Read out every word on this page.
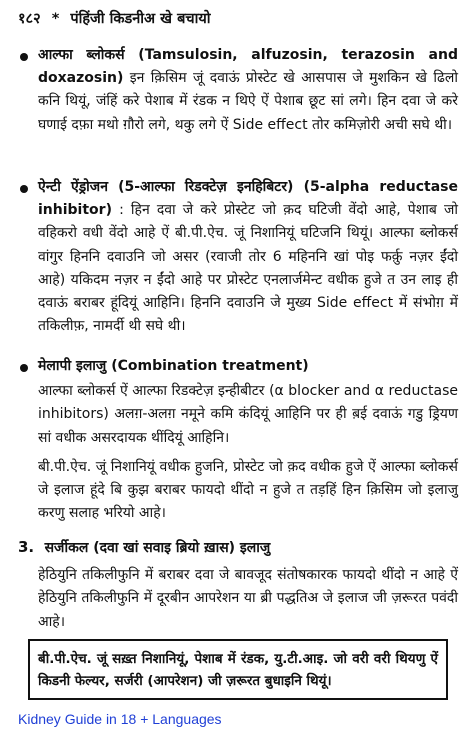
१८२ * पंहिंजी किडनीअ खे बचायो
आल्फा ब्लोकर्स (Tamsulosin, alfuzosin, terazosin and doxazosin) इन क़िसिम जूं दवाऊं प्रोस्टेट खे आसपास जे मुशकिन खे ढिलो कनि थियूं, जंहिं करे पेशाब में रंडक न थिऐ ऐं पेशाब छूट सां लगे। हिन दवा जे करे घणाई दफ़ा मथो ग़ौरो लगे, थकु लगे ऐं Side effect तोर कमिज़ोरी अची सघे थी।
ऐन्टी ऐंड्रोजन (5-आल्फा रिडक्टेज़ इनहिबिटर) (5-alpha reductase inhibitor) : हिन दवा जे करे प्रोस्टेट जो क़द घटिजी वेंदो आहे, पेशाब जो वहिकरो वधी वेंदो आहे ऐं बी.पी.ऐच. जूं निशानियूं घटिजनि थियूं। आल्फा ब्लोकर्स वांगुर हिननि दवाउनि जो असर (रवाजी तोर 6 महिननि खां पोइ फर्क़ु नज़र ईंदो आहे) यकिदम नज़र न ईंदो आहे पर प्रोस्टेट एनलार्जमेन्ट वधीक हुजे त उन लाइ ही दवाऊं बराबर हूंदियूं आहिनि। हिननि दवाउनि जे मुख्य Side effect में संभोग़ में तकिलीफ़, नामर्दी थी सघे थी।
मेलापी इलाजु (Combination treatment)
आल्फा ब्लोकर्स ऐं आल्फा रिडक्टेज़ इन्हीबीटर (α blocker and α reductase inhibitors) अलग़-अलग़ नमूने कमि कंदियूं आहिनि पर ही ब़ई दवाऊं गडु ड्रियण सां वधीक असरदायक थींदियूं आहिनि।
बी.पी.ऐच. जूं निशानियूं वधीक हुजनि, प्रोस्टेट जो क़द वधीक हुजे ऐं आल्फा ब्लोकर्स जे इलाज हूंदे बि कुझ बराबर फायदो थींदो न हुजे त तड़हिं हिन क़िसिम जो इलाजु करणु सलाह भरियो आहे।
3. सर्जीकल (दवा खां सवाइ ब्रियो ख़ास) इलाजु
हेठियुनि तकिलीफुनि में बराबर दवा जे बावजूद संतोषकारक फायदो थींदो न आहे ऐं हेठियुनि तकिलीफुनि में दूरबीन आपरेशन या ब्री पद्धतिअ जे इलाज जी ज़रूरत पवंदी आहे।
बी.पी.ऐच. जूं सख़्त निशानियूं, पेशाब में रंडक, यु.टी.आइ. जो वरी वरी थियणु ऐं किडनी फेल्यर, सर्जरी (आपरेशन) जी ज़रूरत बुधाइनि थियूं।
Kidney Guide in 18 + Languages
